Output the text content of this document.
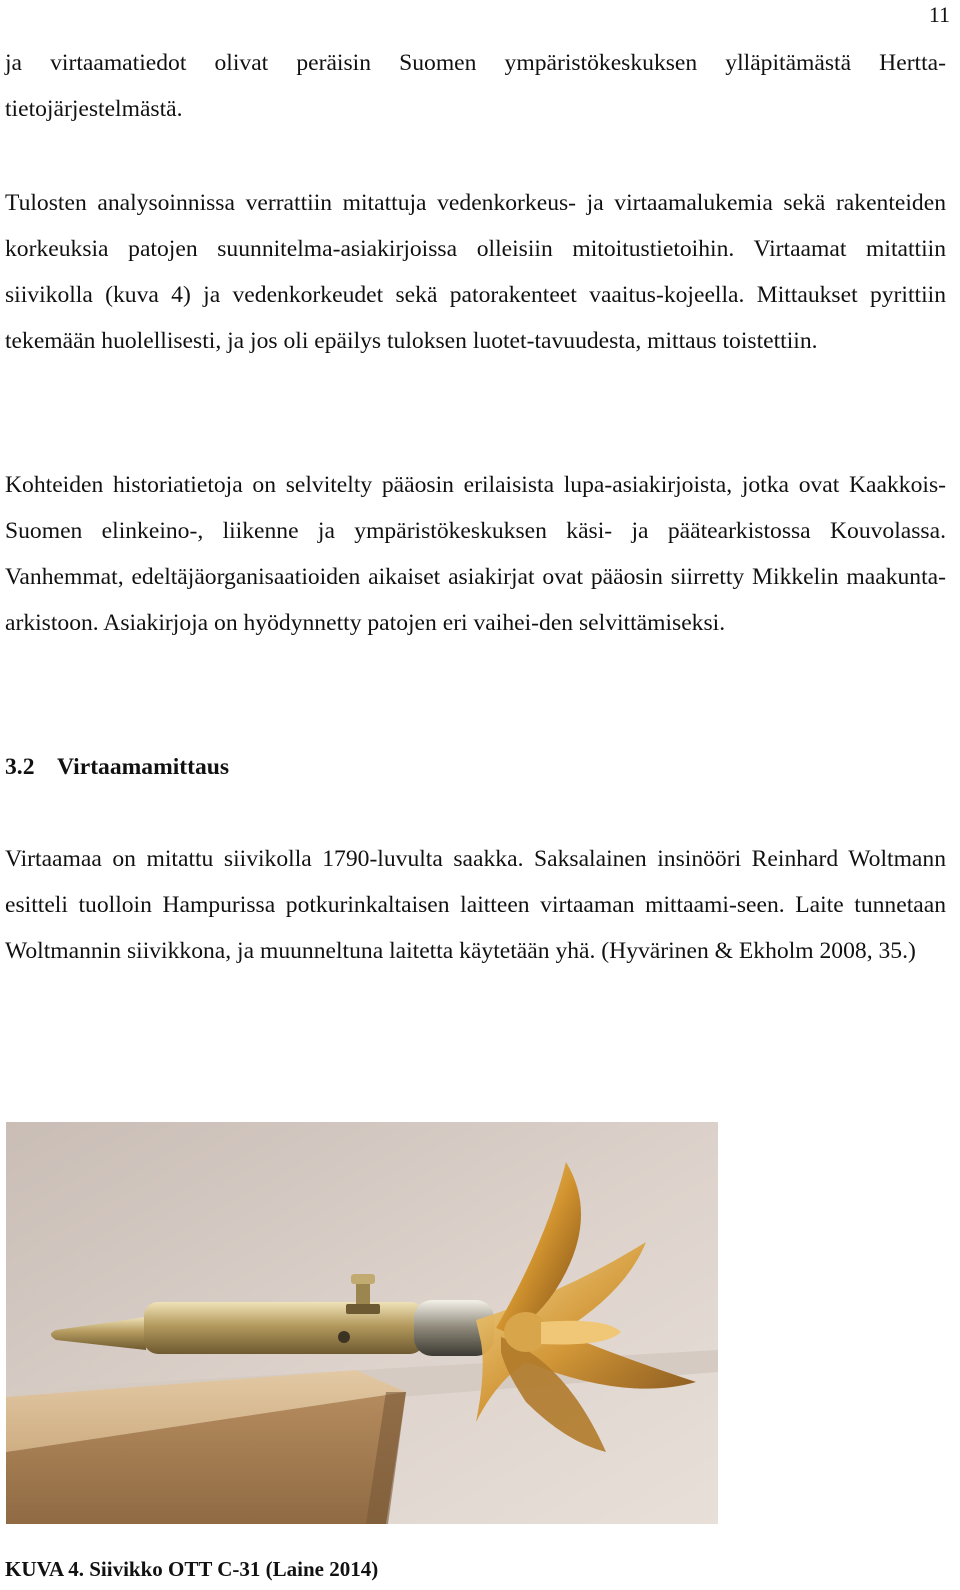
11

ja virtaamatiedot olivat peräisin Suomen ympäristökeskuksen ylläpitämästä Hertta-tietojärjestelmästä.

Tulosten analysoinnissa verrattiin mitattuja vedenkorkeus- ja virtaamalukemia sekä rakenteiden korkeuksia patojen suunnitelma-asiakirjoissa olleisiin mitoitustietoihin. Virtaamat mitattiin siivikolla (kuva 4) ja vedenkorkeudet sekä patorakenteet vaaitus-kojeella. Mittaukset pyrittiin tekemään huolellisesti, ja jos oli epäilys tuloksen luotet-tavuudesta, mittaus toistettiin.

Kohteiden historiatietoja on selvitelty pääosin erilaisista lupa-asiakirjoista, jotka ovat Kaakkois-Suomen elinkeino-, liikenne ja ympäristökeskuksen käsi- ja päätearkistossa Kouvolassa. Vanhemmat, edeltäjäorganisaatioiden aikaiset asiakirjat ovat pääosin siirretty Mikkelin maakunta-arkistoon. Asiakirjoja on hyödynnetty patojen eri vaihei-den selvittämiseksi.

3.2 Virtaamamittaus

Virtaamaa on mitattu siivikolla 1790-luvulta saakka. Saksalainen insinööri Reinhard Woltmann esitteli tuolloin Hampurissa potkurinkaltaisen laitteen virtaaman mittaami-seen. Laite tunnetaan Woltmannin siivikkona, ja muunneltuna laitetta käytetään yhä. (Hyvärinen & Ekholm 2008, 35.)

KUVA 4. Siivikko OTT C-31 (Laine 2014)
